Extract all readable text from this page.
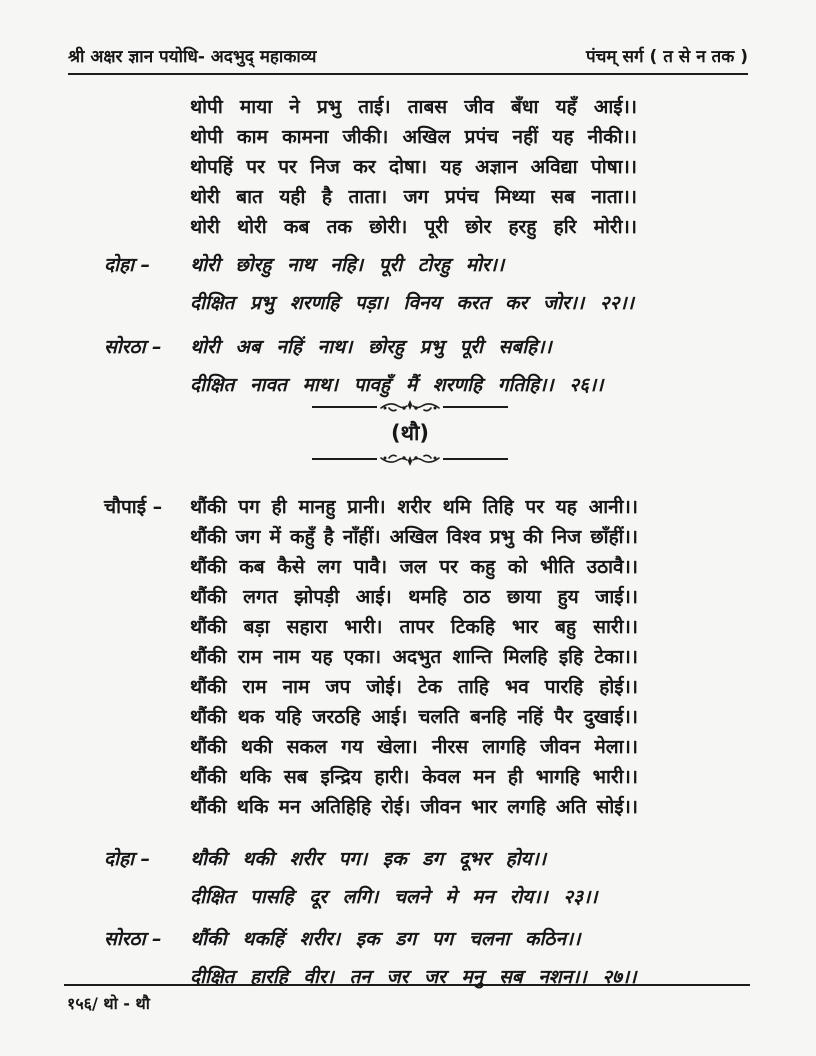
श्री अक्षर ज्ञान पयोधि- अदभुद् महाकाव्य	पंचम् सर्ग ( त से न तक )
थोपी माया ने प्रभु ताई। ताबस जीव बँधा यहँ आई।।
थोपी काम कामना जीकी। अखिल प्रपंच नहीं यह नीकी।।
थोपहिं पर पर निज कर दोषा। यह अज्ञान अविद्या पोषा।।
थोरी बात यही है ताता। जग प्रपंच मिथ्या सब नाता।।
थोरी थोरी कब तक छोरी। पूरी छोर हरहु हरि मोरी।।
दोहा –	थोरी छोरहु नाथ नहि। पूरी टोरहु मोर।।
दीक्षित प्रभु शरणहि पड़ा। विनय करत कर जोर।। २२।।
सोरठा –	थोरी अब नहिं नाथ। छोरहु प्रभु पूरी सबहि।।
दीक्षित नावत माथ। पावहुँ मैं शरणहि गतिहि।। २६।।
(थौ)
चौपाई –	थौंकी पग ही मानहु प्रानी। शरीर थमि तिहि पर यह आनी।।
थौंकी जग में कहुँ है नाँहीं। अखिल विश्व प्रभु की निज छाँहीं।।
थौंकी कब कैसे लग पावै। जल पर कहु को भीति उठावै।।
थौंकी लगत झोपड़ी आई। थमहि ठाठ छाया हुय जाई।।
थौंकी बड़ा सहारा भारी। तापर टिकहि भार बहु सारी।।
थौंकी राम नाम यह एका। अदभुत शान्ति मिलहि इहि टेका।।
थौंकी राम नाम जप जोई। टेक ताहि भव पारहि होई।।
थौंकी थक यहि जरठहि आई। चलति बनहि नहिं पैर दुखाई।।
थौंकी थकी सकल गय खेला। नीरस लागहि जीवन मेला।।
थौंकी थकि सब इन्द्रिय हारी। केवल मन ही भागहि भारी।।
थौंकी थकि मन अतिहिहि रोई। जीवन भार लगहि अति सोई।।
दोहा –	थौकी थकी शरीर पग। इक डग दूभर होय।।
दीक्षित पासहि दूर लगि। चलने मे मन रोय।। २३।।
सोरठा –	थौंकी थकहिं शरीर। इक डग पग चलना कठिन।।
दीक्षित हारहि वीर। तन जर जर मनु सब नशन।। २७।।
१५६/ थो - थौ
